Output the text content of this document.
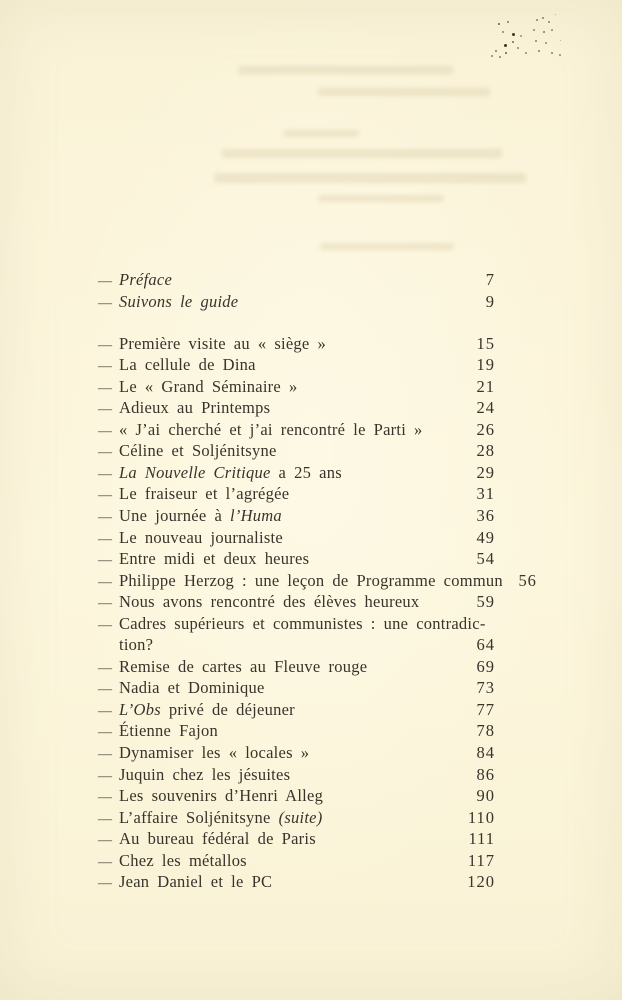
— Préface	7
— Suivons le guide	9
— Première visite au « siège »	15
— La cellule de Dina	19
— Le « Grand Séminaire »	21
— Adieux au Printemps	24
— « J’ai cherché et j’ai rencontré le Parti »	26
— Céline et Soljénitsyne	28
— La Nouvelle Critique a 25 ans	29
— Le fraiseur et l’agrégée	31
— Une journée à l’Huma	36
— Le nouveau journaliste	49
— Entre midi et deux heures	54
— Philippe Herzog : une leçon de Programme commun 56
— Nous avons rencontré des élèves heureux	59
— Cadres supérieurs et communistes : une contradic-
tion?	64
— Remise de cartes au Fleuve rouge	69
— Nadia et Dominique	73
— L’Obs privé de déjeuner	77
— Étienne Fajon	78
— Dynamiser les « locales »	84
— Juquin chez les jésuites	86
— Les souvenirs d’Henri Alleg	90
— L’affaire Soljénitsyne (suite)	110
— Au bureau fédéral de Paris	111
— Chez les métallos	117
— Jean Daniel et le PC	120
